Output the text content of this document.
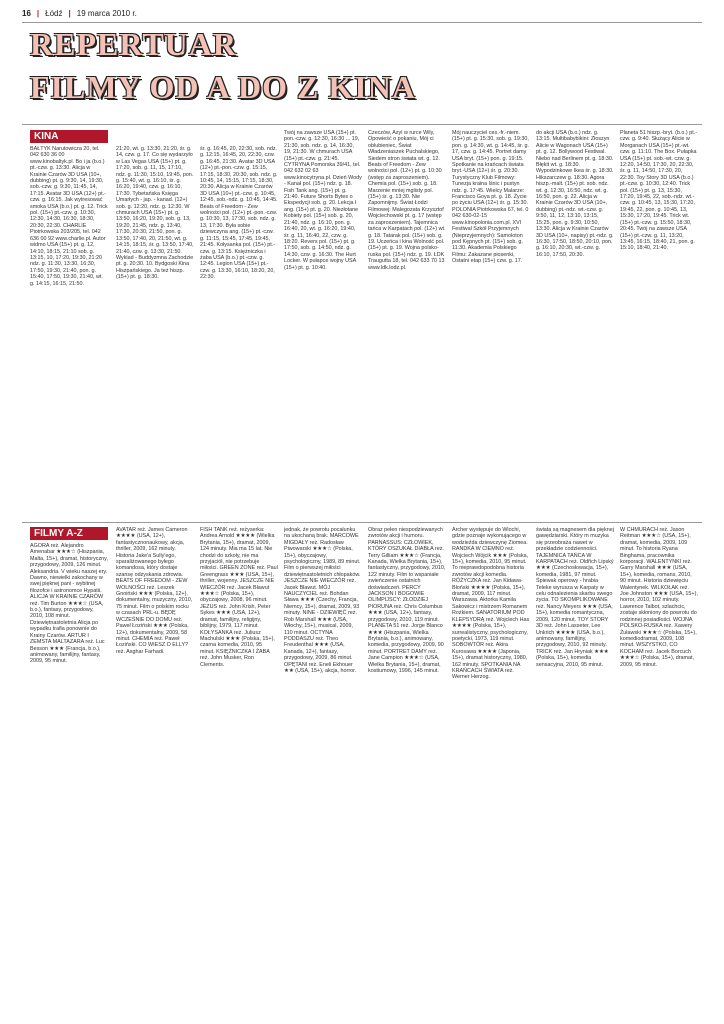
16 | Łódź | 19 marca 2010 r.
REPERTUAR
FILMY OD A DO Z KINA
KINA
BAŁTYK Narutowicza 20, tel. 042 630 36 00 www.kinobaltyk.pl. Bo i ja (b.o.) pt.-czw. g. 13:30. Alicja w Krainie Czarów 3D USA (10+, dubbing) pt. g. 9:30, 14, 19:30, sob.-czw. g. 9:30, 11:45, 14, 17:15. Avatar 3D USA (12+) pt.-czw. g. 16:15. Jak wytresować smoka USA (b.o.) pt. g. 12. Trick pol. (15+) pt.-czw. g. 10:30, 12:30, 14:30, 16:30, 18:30, 20:30, 22:30. CHARLIE Piotrkowska 203/205, tel. 042 636 00 92 www.charlie.pl. Autor widmo USA (15+) pt. g. 12, 14:10, 18:15, 21:10 sob. g. 13:15, 10, 17:20, 19:30, 21:20 ndz. g. 11:30, 13:30, 16:30, 17:50, 19:30, 21:40, pon. g. 15:40, 17:50, 19:30, 21:40, wt. g. 14:15, 16:15, 21:50.
21:20, wt. g. 13:30, 21:20, śr. g. 14, czw. g. 17. Co się wydarzyło w Las Vegas USA (15+) pt. g. 17:20, sob. g. 11, 15, 17:10, ndz. g. 11:30, 15:10, 19:45, pon. g. 15:40, wt. g. 16:10, śr. g. 16:20, 19:40, czw. g. 16:10, 17:30. Tybetańska Księga Umarłych - jap. - kanad. (12+) sob. g. 12:20, ndz. g. 12:30. W chmurach USA (15+) pt. g. 13:50, 16:20, 19:20, sob. g. 13, 19:20, 21:45, ndz. g. 13:40, 17:30, 20:30, 21:50, pon. g. 13:50, 17:40, 20, 21:50, wt. g. 14:15, 18:15, śr. g. 13:50, 17:40, 21:40, czw. g. 13:30, 21:50. Wyklad - Buddyzmna Zachodzie pt. g. 20:30. 10. Bydgoski Kina Hiszpańskiego. Ja też hiszp. (15+) pt. g. 18:30.
śr. g. 16:45, 20, 22:30, sob. ndz. g. 12:15, 16:45, 20, 22:30, czw. g. 16:45, 21:30. Avatar 3D USA (12+) pt.-pon.-czw. g. 15:15, 17:15, 18:30, 20:30, sob. ndz. g. 10:45, 14, 15:15, 17:15, 18:30, 20:30. Alicja w Krainie Czarów 3D USA (10+) pt.-czw. g. 10:45, 12:45, sob.-ndz. g. 10:45, 14:45. Beats of Freedom - Zew wolności pol. (12+) pt.-pon.-czw. g. 10:30, 13, 17:30, sob. ndz. g. 13, 17:30. Była sobie dziewczyna ang. (15+) pt.-czw. g. 11:15, 15:45, 17:45, 19:45, 21:45. Kołysanka pol. (15+) pt.-czw. g. 13:15. Księżniczka i żaba USA (b.o.) pt.-czw. g. 12:45. Legion USA (15+) pt.-czw. g. 13:30, 16:10, 18:20, 20, 22:30.
Twój na zawsze USA (15+) pt. pon.-czw. g. 12:30, 16:30 ... 19, 21:30, sob. ndz. g. 14, 16:30, 19, 21:30. W chmurach USA (15+) pt.-czw. g. 21:45. CYTRYNA Pomorska 39/41, tel. 042 632 02 63 www.kinocytryna.pl. Dzień Wody - Kanał pol. (15+) ndz. g. 18. Fish Tank ang. (15+) pt. g. 21:40. Future Shorts Bytes o Ekspedycji sob. g. 20. Lekcja ł ang. (15+) pt. g. 20. Niezłotane Kobiety pol. (15+) sob. g. 20, 21:40, ndz. g. 16:10, pon. g. 16:40, 20, wt. g. 16:20, 19:40, śr. g. 11, 16:40, 22, czw. g. 18:20. Revers pol. (15+) pt. g. 17:50, sob. g. 14:50, ndz. g. 14:30, czw. g. 16:30. The Hurt Locker. W pułapce wojny USA (15+) pt. g. 10:40.
Czeczów, Azyl w rurce Wily, Opowieść o pokaniu, Mój ci oblubieniec, Świat Władzeniaszek Puchalskiego, Siedem stron świata wt. g. 12. Beats of Freedom - Zew wolności pol. (12+) pt. g. 10:30 (wstęp za zaproszeniem). Chemia pol. (15+) sob. g. 18. Marzenie mniej mglisty pol. (15+) śr. g. 13:30. Nie Zapomnijmy. Świat Łodzi Filmowej: Malegozata Krzysztof Wojciechowski pt. g. 17 (wstęp za zaproszeniem). Tajemnica tańca w Karpatach pol. (12+) wt. g. 18. Tatarak pol. (15+) sob. g. 19. Uczeńca i kina Wolność pol. (15+) pt. g. 19. Wojna polsko-ruska pol. (15+) ndz. g. 19. ŁDK Traugutta 18, tel. 042 633 70 13 www.ldk.lodz.pl.
Mój nauczyciel ces.-fr.-niem. (15+) pt. g. 15:30, sob. g. 19:30, pon. g. 14:30, wt. g. 14:45, śr. g. 17, czw. g. 14:45. Portret damy USA bryt. (15+) pon. g. 19:15. Spotkanie na krańcach świata bryt.-USA (12+) śr. g. 20:30. Turystyczny Klub Filmowy: Tunezja kraina lśnic i pustyn ndz. g. 17:45. Wielcy Malarze: Francisco Goya pt. g. 18. Życie po życiu USA (12+) śr. g. 15:30. POLONIA Piotrkowska 67, tel. 0 042 630-02-15 www.kinopolonia.com.pl. XVI Festiwal Szkół Przyjemnych (Nieprzyjemnych): Samoloton pod Kępnych pt. (15+) sob. g. 11:30. Akademia Polskiego Filmu: Zakazane piosenki, Ostatni etap (15+) czw. g. 17.
do akcji USA (b.o.) ndz. g. 13:15. Multibabybikini: Złoszyn Alicie w Wagonach USA (15+) pt. g. 12. Bollywood Festiwal. Niebo nad Berlinem pt. g. 18:30. Błękit wt. g. 18:30. Wypodzinkowe Ikea śr. g. 18:30. Hikszarczew g. 18:30. Agora hiszp.-malt. (15+) pt. sob. ndz. wt. g. 12:30, 16:50, ndz. wt. g. 16:50, pon. g. 22. Alicja w Krainie Czarów 3D USA (10+, dubbing) pt.-ndz. wt.-czw. g. 9:50, 11, 12, 13:10, 13:15, 15:25, pon. g. 9:30, 10:50, 13:30. Alicja w Krainie Czarów 3D USA (10+, napisy) pt.-ndz. g. 16:30, 17:50, 18:50, 20:10, pon. g. 16:10, 20:30, wt.-czw. g. 16:10, 17:50, 20:30.
Planeta 51 hiszp.-bryt. (b.o.) pt.-czw. g. 9:40. Służący Alicie w Morganach USA (15+) pt.-wt. czw. g. 11:10. The Box. Pułapka USA (15+) pt. sob.-wt. czw. g. 12:20, 14:50, 17:30, 20, 22:30, śr. g. 11, 14:50, 17:30, 20, 22:30. Toy Story 3D USA (b.o.) pt.-czw. g. 10:30, 12:40. Trick pol. (15+) pt. g. 13, 15:30, 17:20, 19:45, 22, sob.-ndz. wt.-czw. g. 10:45, 13, 15:30, 17:20, 19:45, 22, pon. g. 10:45, 13, 15:30, 17:20, 19:45. Trick wt. (15+) pt.-czw. g. 15:50, 18:30, 20:45. Twój na zawsze USA (15+) pt.-czw. g. 11, 13:20, 13:45, 16:15, 18:40, 21, pon. g. 15:10, 18:40, 21:40.
FILMY A-Z
AGORA reż. Alejandro Amenabar ★★★☆ (Hiszpania, Malta, 15+), dramat, historyczny, przygodowy, 2009, 126 minut. Aleksandria. V wieku naszej ery. Dawno, niewielki zakochany w swej pięknej pani - wybitnej filozofce i astronomce Hypatii. ALICJA W KRAINIE CZARÓW reż. Tim Burton ★★★☆ (USA, b.o.), fantasy, przygodowy, 2010, 108 minut. Dziewiętnastoletnia Alicja po wypadku trafia ponownie do Krainy Czarów. ARTUR I ZEMSTA MALTAZARA reż. Luc Besson ★★★ (Francja, b.o.), animowany, familijny, fantasy, 2009, 95 minut.
AVATAR reż. James Cameron ★★★★ (USA, 12+), fantastycznonaukowy, akcja, thriller, 2009, 162 minuty. Historia Jake'a Sully'ego, sparaliżowanego byłego komandosa, który dostaje szansę odzyskania zdrowia. BEATS OF FREEDOM - ZEW WOLNOŚCI reż. Leszek Gnoiński ★★★ (Polska, 12+), dokumentalny, muzyczny, 2010, 75 minut. Film o polskim rocku w czasach PRL-u. BĘDĘ WCZEŚNIE DO DOMU reż. Paweł Łoziński ★★★ (Polska, 12+), dokumentalny, 2009, 58 minut. CHEMIA reż. Paweł Łoziński. CO WIESZ O ELLY? reż. Asghar Farhadi.
FISH TANK reż. reżyserka: Andrea Arnold ★★★★ (Wielka Brytania, 15+), dramat, 2009, 124 minuty. Mia ma 15 lat. Nie chodzi do szkoły, nie ma przyjaciół, nie potrzebuje miłości. GREEN ZONE reż. Paul Greengrass ★★★ (USA, 15+), thriller, wojenny. JESZCZE NIE WIECZÓR reż. Jacek Bławut ★★★☆ (Polska, 15+), obyczajowy, 2008, 96 minut. JEZUS reż. John Krish, Peter Sykes ★★★ (USA, 12+), dramat, familijny, religijny, biblijny, 1979, 117 minut. KOŁYSANKA reż. Juliusz Machulski ★★★ (Polska, 15+), czarna komedia, 2010, 95 minut. KSIĘŻNICZKA I ŻABA reż. John Musker, Ron Clements.
jednak, że powrotu pocałunku na ukochaną brak. MARCOWE MIGDAŁY reż. Radosław Piwowarski ★★★☆ (Polska, 15+), obyczajowy, psychologiczny, 1989, 89 minut. Film o pierwszej miłości dziewiętnastoletnich chłopaków. JESZCZE NIE WIECZÓR reż. Jacek Bławut. MÓJ NAUCZYCIEL reż. Bohdan Sława ★★★ (Czechy, Francja, Niemcy, 15+), dramat, 2009, 93 minuty. NINE - DZIEWIĘĆ reż. Rob Marshall ★★★ (USA, Włochy, 15+), musical, 2009, 110 minut. OCTYNA PODDASZU reż. Theo Freudenthal ★★★ (USA, Kanada, 12+), fantasy, przygodowy, 2009, 86 minut. OPĘTANI reż. Eneli Ekhouer ★★ (USA, 15+), akcja, horror.
Obraz pełen niespodziewanych zwrotów akcji i humoru. PARNASSUS: CZŁOWIEK, KTÓRY OSZUKAŁ DIABŁA reż. Terry Gilliam ★★★☆ (Francja, Kanada, Wielka Brytania, 15+), fantastyczny, przygodowy, 2010, 122 minuty. Film to wspaniałe zwieńczenie ostatnich doświadczeń. PERCY JACKSON I BOGOWIE OLIMPIJSCY: ZŁODZIEJ PIORUNA reż. Chris Columbus ★★★ (USA, 12+), fantasy, przygodowy, 2010, 119 minut. PLANETA 51 reż. Jorge Blanco ★★★ (Hiszpania, Wielka Brytania, b.o.), animowany, komedia, przygodowy, 2009, 90 minut. PORTRET DAMY reż. Jane Campion ★★★☆ (USA, Wielka Brytania, 15+), dramat, kostiumowy, 1996, 145 minut.
Archer występuje do Wiochi, gdzie poznaje wykonującego w wodzieźda dziewczynę Ziomea. RANDKA W CIEMNO reż. Wojciech Wójcik ★★★ (Polska, 15+), komedia, 2010, 95 minut. To nieprawdopodobna historia zwrotów akcji komedia. RÓŻYCZKA reż. Jan Kidawa-Błoński ★★★★ (Polska, 15+), dramat, 2009, 117 minut. Warszawa. Aktorka Kamila Sakowicz i mistrzem Romanem Rożkiem. SANATORIUM POD KLEPSYDRĄ reż. Wojciech Has ★★★★ (Polska, 15+), surrealistyczny, psychologiczny, poetycki, 1973, 119 minut. SOBOWTÓR reż. Akira Kurosawa ★★★★ (Japonia, 15+), dramat historyczny, 1980, 162 minuty. SPOTKANIA NA KRAŃCACH ŚWIATA reż. Werner Herzog.
świata są magnesem dla pięknej gawędziarski. Który m muzyka się przeobraża nawet w przekładzie codzienności. TAJEMNICA TAŃCA W KARPATACH reż. Oldřich Lipský ★★★ (Czechosłowacja, 15+), komedia, 1981, 97 minut. Śpiewak operowy - hrabia Teleke wyrusza w Karpaty w celu odnalezienia skarbu swego życia. TO SKOMPLIKOWANE reż. Nancy Meyers ★★★ (USA, 15+), komedia romantyczna, 2009, 120 minut. TOY STORY 3D reż. John Lasseter, Lee Unkrich ★★★★ (USA, b.o.), animowany, familijny, przygodowy, 2010, 92 minuty. TRICK reż. Jan Hryniak ★★★ (Polska, 15+), komedia sensacyjna, 2010, 95 minut.
W CHMURACH reż. Jason Reitman ★★★☆ (USA, 15+), dramat, komedia, 2009, 109 minut. To historia Ryana Binghama, pracownika korporacji. WALENTYNKI reż. Garry Marshall ★★★ (USA, 15+), komedia, romans, 2010, 90 minut. Historia dziewięciu Walentynek. WILKOŁAK reż. Joe Johnston ★★★ (USA, 15+), horror, 2010, 102 minuty. Lawrence Talbot, szlachcic, zostaje skłoniony do powrotu do rodzinnej posiadłości. WOJNA POLSKO-RUSKA reż. Xawery Żuławski ★★★☆ (Polska, 15+), komediodramat, 2009, 108 minut. WSZYSTKO, CO KOCHAM reż. Jacek Borcuch ★★★☆ (Polska, 15+), dramat, 2009, 95 minut.
